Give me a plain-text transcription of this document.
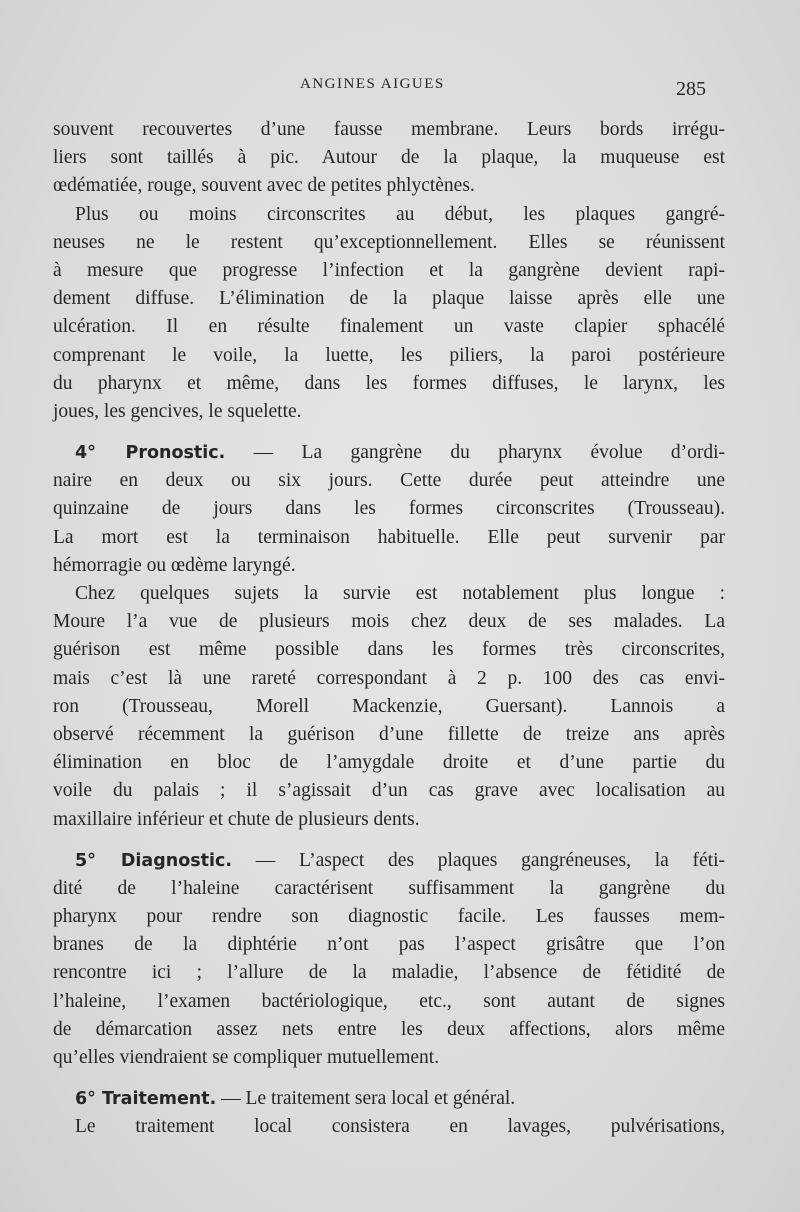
ANGINES AIGUES	285
souvent recouvertes d’une fausse membrane. Leurs bords irrégu-
liers sont taillés à pic. Autour de la plaque, la muqueuse est
œdématiée, rouge, souvent avec de petites phlyctènes.
Plus ou moins circonscrites au début, les plaques gangré-
neuses ne le restent qu’exceptionnellement. Elles se réunissent
à mesure que progresse l’infection et la gangrène devient rapi-
dement diffuse. L’élimination de la plaque laisse après elle une
ulcération. Il en résulte finalement un vaste clapier sphacélé
comprenant le voile, la luette, les piliers, la paroi postérieure
du pharynx et même, dans les formes diffuses, le larynx, les
joues, les gencives, le squelette.
4° Pronostic. — La gangrène du pharynx évolue d’ordi-
naire en deux ou six jours. Cette durée peut atteindre une
quinzaine de jours dans les formes circonscrites (Trousseau).
La mort est la terminaison habituelle. Elle peut survenir par
hémorragie ou œdème laryngé.
Chez quelques sujets la survie est notablement plus longue :
Moure l’a vue de plusieurs mois chez deux de ses malades. La
guérison est même possible dans les formes très circonscrites,
mais c’est là une rareté correspondant à 2 p. 100 des cas envi-
ron (Trousseau, Morell Mackenzie, Guersant). Lannois a
observé récemment la guérison d’une fillette de treize ans après
élimination en bloc de l’amygdale droite et d’une partie du
voile du palais ; il s’agissait d’un cas grave avec localisation au
maxillaire inférieur et chute de plusieurs dents.
5° Diagnostic. — L’aspect des plaques gangréneuses, la féti-
dité de l’haleine caractérisent suffisamment la gangrène du
pharynx pour rendre son diagnostic facile. Les fausses mem-
branes de la diphtérie n’ont pas l’aspect grisâtre que l’on
rencontre ici ; l’allure de la maladie, l’absence de fétidité de
l’haleine, l’examen bactériologique, etc., sont autant de signes
de démarcation assez nets entre les deux affections, alors même
qu’elles viendraient se compliquer mutuellement.
6° Traitement. — Le traitement sera local et général.
Le traitement local consistera en lavages, pulvérisations,
